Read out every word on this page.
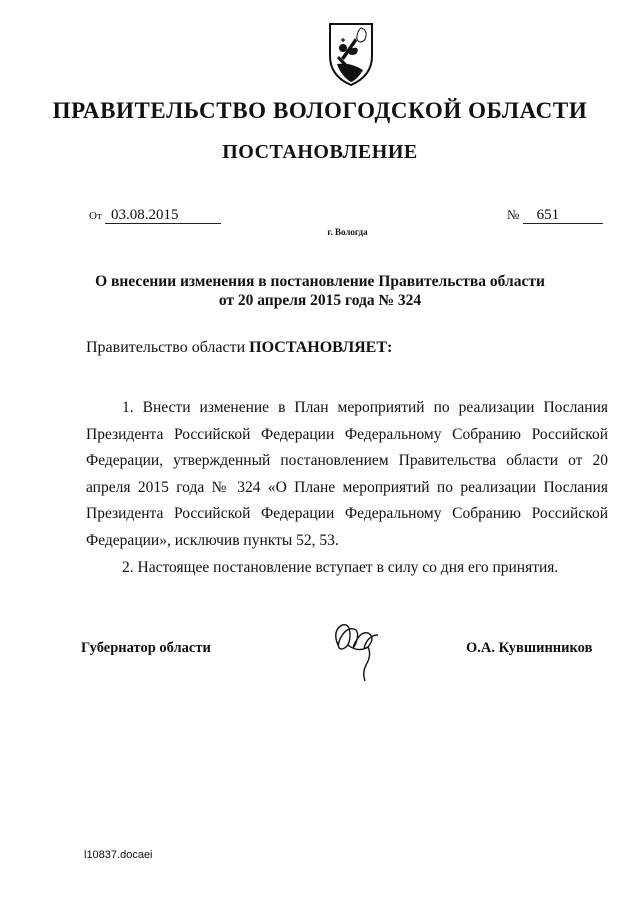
ПРАВИТЕЛЬСТВО ВОЛОГОДСКОЙ ОБЛАСТИ
ПОСТАНОВЛЕНИЕ
От 03.08.2015	№ 651
г. Вологда
О внесении изменения в постановление Правительства области
от 20 апреля 2015 года № 324
Правительство области ПОСТАНОВЛЯЕТ:

1. Внести изменение в План мероприятий по реализации Послания Президента Российской Федерации Федеральному Собранию Российской Федерации, утвержденный постановлением Правительства области от 20 апреля 2015 года № 324 «О Плане мероприятий по реализации Послания Президента Российской Федерации Федеральному Собранию Российской Федерации», исключив пункты 52, 53.

2. Настоящее постановление вступает в силу со дня его принятия.

Губернатор области	О.А. Кувшинников
l10837.docaei
